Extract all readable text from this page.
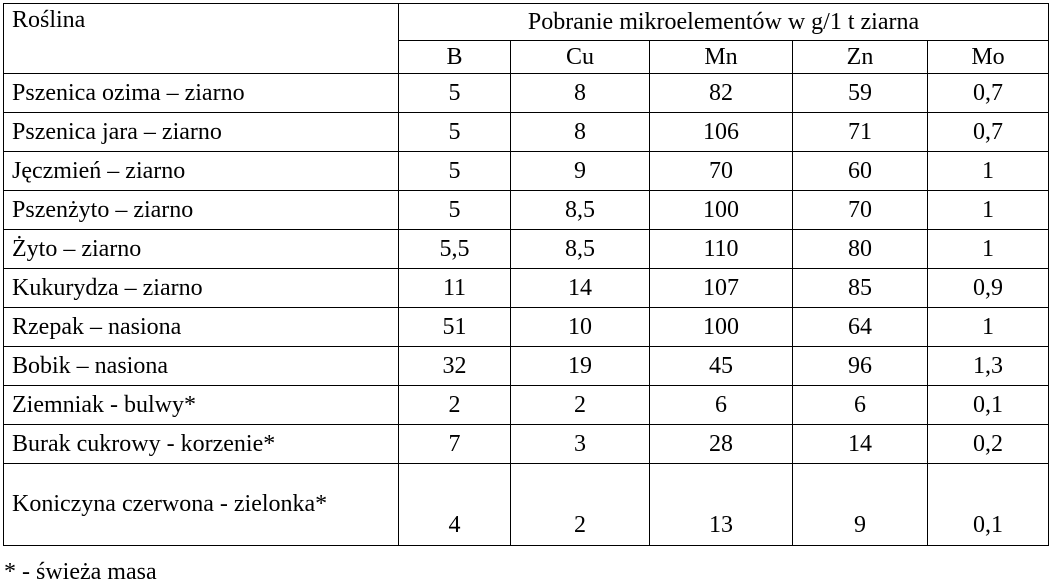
Roślina	Pobranie mikroelementów w g/1 t ziarna				
	B	Cu	Mn	Zn	Mo
Pszenica ozima – ziarno	5	8	82	59	0,7
Pszenica jara – ziarno	5	8	106	71	0,7
Jęczmień – ziarno	5	9	70	60	1
Pszenżyto – ziarno	5	8,5	100	70	1
Żyto – ziarno	5,5	8,5	110	80	1
Kukurydza – ziarno	11	14	107	85	0,9
Rzepak – nasiona	51	10	100	64	1
Bobik – nasiona	32	19	45	96	1,3
Ziemniak - bulwy*	2	2	6	6	0,1
Burak cukrowy - korzenie*	7	3	28	14	0,2
Koniczyna czerwona - zielonka*	4	2	13	9	0,1
* - świeża masa
